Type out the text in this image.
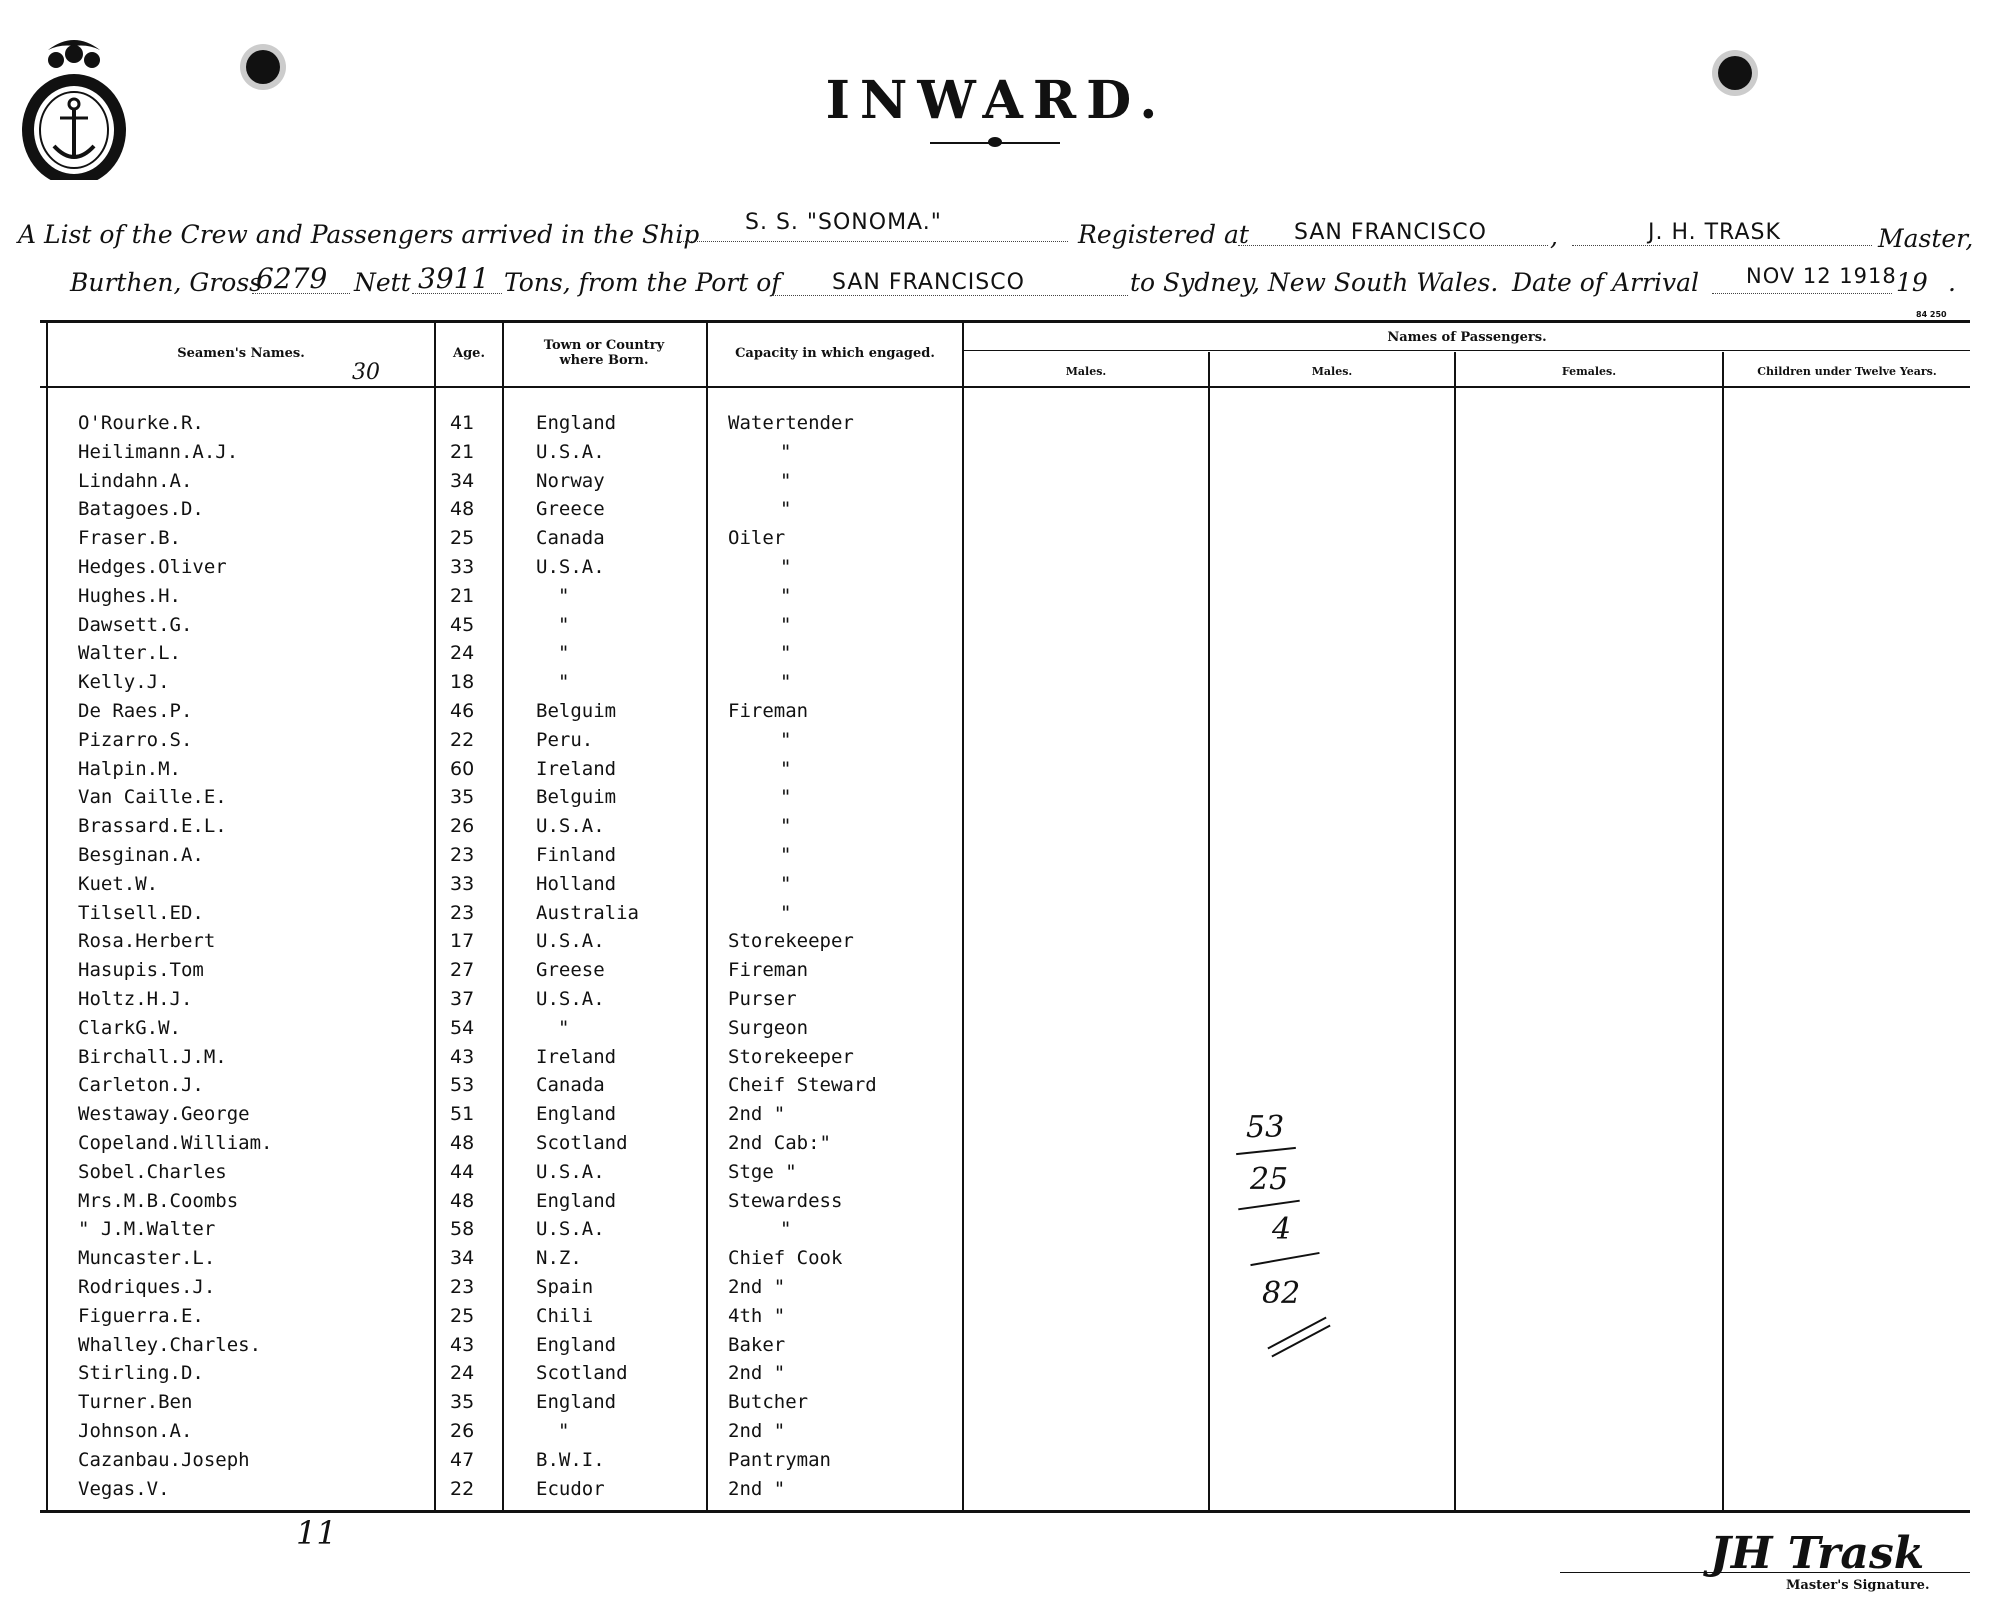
INWARD.
A List of the Crew and Passengers arrived in the Ship S. S. "SONOMA."	Registered at SAN FRANCISCO	,	J. H. TRASK	Master,
Burthen, Gross
6279 Nett 3911 Tons, from the Port of SAN FRANCISCO	to Sydney, New South Wales. Date of Arrival NOV 12 1918 19 .
84 250
Seamen's Names.	Age.
Town or Country where Born.	Capacity in which engaged.
Names of Passengers.
Males.	Males.	Females.	Children under Twelve Years.
30
O'Rourke.R.	41	England	Watertender
Heilimann.A.J.	21	U.S.A.	"
Lindahn.A.	34	Norway	"
Batagoes.D.	48	Greece	"
Fraser.B.	25	Canada	Oiler
Hedges.Oliver	33	U.S.A.	"
Hughes.H.	21	"	"
Dawsett.G.	45	"	"
Walter.L.	24	"	"
Kelly.J.	18	"	"
De Raes.P.	46	Belguim	Fireman
Pizarro.S.	22	Peru.	"
Halpin.M.	60	Ireland	"
Van Caille.E.	35	Belguim	"
Brassard.E.L.	26	U.S.A.	"
Besginan.A.	23	Finland	"
Kuet.W.	33	Holland	"
Tilsell.ED.	23	Australia	"
Rosa.Herbert	17	U.S.A.	Storekeeper
Hasupis.Tom	27	Greese	Fireman
Holtz.H.J.	37	U.S.A.	Purser
ClarkG.W.	54	"	Surgeon
Birchall.J.M.	43	Ireland	Storekeeper
Carleton.J.	53	Canada	Cheif Steward
Westaway.George	51	England	2nd "
Copeland.William.	48	Scotland	2nd Cab:"
Sobel.Charles	44	U.S.A.	Stge "
Mrs.M.B.Coombs	48	England	Stewardess
" J.M.Walter	58	U.S.A.	"
Muncaster.L.	34	N.Z.	Chief Cook
Rodriques.J.	23	Spain	2nd "
Figuerra.E.	25	Chili	4th "
Whalley.Charles.	43	England	Baker
Stirling.D.	24	Scotland	2nd "
Turner.Ben	35	England	Butcher
Johnson.A.	26	"	2nd "
Cazanbau.Joseph	47	B.W.I.	Pantryman
Vegas.V.	22	Ecudor	2nd "
53
25
4
82
11	JH Trask
Master's Signature.
